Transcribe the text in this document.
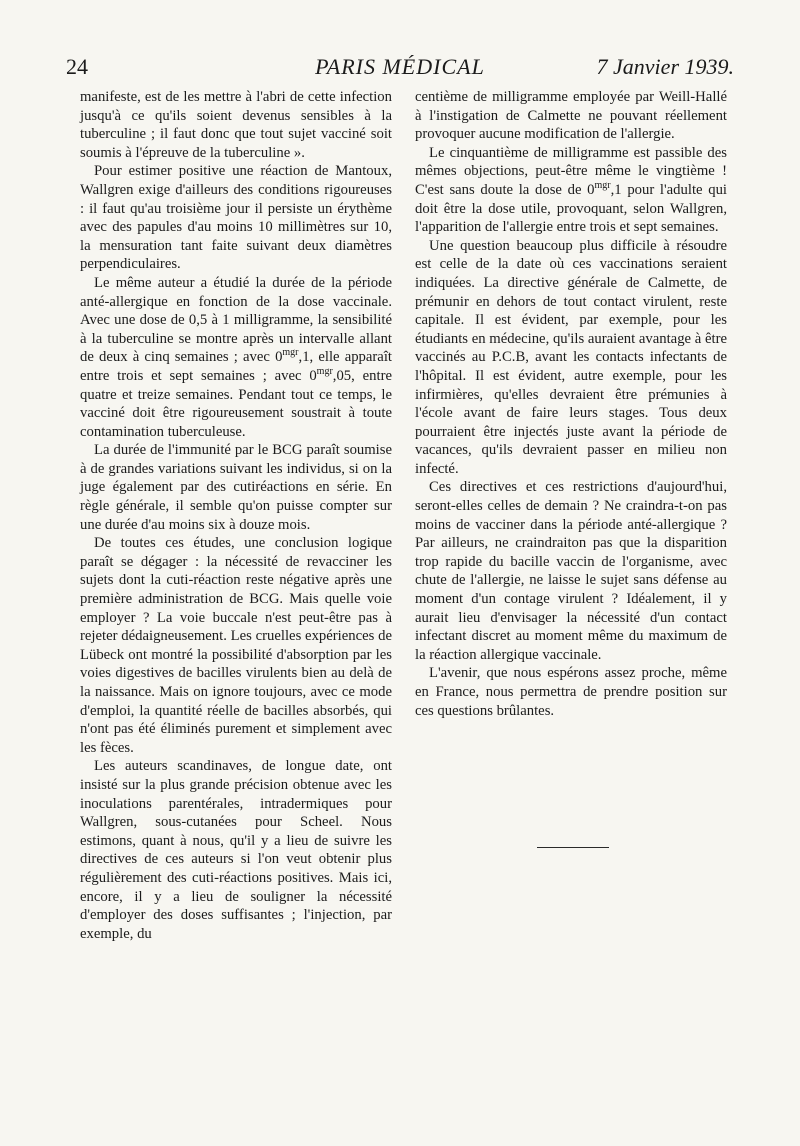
24	PARIS MÉDICAL	7 Janvier 1939.

manifeste, est de les mettre à l'abri de cette infection jusqu'à ce qu'ils soient devenus sensibles à la tuberculine ; il faut donc que tout sujet vacciné soit soumis à l'épreuve de la tuberculine ».

Pour estimer positive une réaction de Mantoux, Wallgren exige d'ailleurs des conditions rigoureuses : il faut qu'au troisième jour il persiste un érythème avec des papules d'au moins 10 millimètres sur 10, la mensuration tant faite suivant deux diamètres perpendiculaires.

Le même auteur a étudié la durée de la période anté-allergique en fonction de la dose vaccinale. Avec une dose de 0,5 à 1 milligramme, la sensibilité à la tuberculine se montre après un intervalle allant de deux à cinq semaines ; avec $0^{mgr},1$, elle apparaît entre trois et sept semaines ; avec $0^{mgr},05$, entre quatre et treize semaines. Pendant tout ce temps, le vacciné doit être rigoureusement soustrait à toute contamination tuberculeuse.

La durée de l'immunité par le BCG paraît soumise à de grandes variations suivant les individus, si on la juge également par des cutiréactions en série. En règle générale, il semble qu'on puisse compter sur une durée d'au moins six à douze mois.

De toutes ces études, une conclusion logique paraît se dégager : la nécessité de revacciner les sujets dont la cuti-réaction reste négative après une première administration de BCG. Mais quelle voie employer ? La voie buccale n'est peut-être pas à rejeter dédaigneusement. Les cruelles expériences de Lübeck ont montré la possibilité d'absorption par les voies digestives de bacilles virulents bien au delà de la naissance. Mais on ignore toujours, avec ce mode d'emploi, la quantité réelle de bacilles absorbés, qui n'ont pas été éliminés purement et simplement avec les fèces.

Les auteurs scandinaves, de longue date, ont insisté sur la plus grande précision obtenue avec les inoculations parentérales, intradermiques pour Wallgren, sous-cutanées pour Scheel. Nous estimons, quant à nous, qu'il y a lieu de suivre les directives de ces auteurs si l'on veut obtenir plus régulièrement des cuti-réactions positives. Mais ici, encore, il y a lieu de souligner la nécessité d'employer des doses suffisantes ; l'injection, par exemple, du

centième de milligramme employée par Weill-Hallé à l'instigation de Calmette ne pouvant réellement provoquer aucune modification de l'allergie.

Le cinquantième de milligramme est passible des mêmes objections, peut-être même le vingtième ! C'est sans doute la dose de $0^{mgr},1$ pour l'adulte qui doit être la dose utile, provoquant, selon Wallgren, l'apparition de l'allergie entre trois et sept semaines.

Une question beaucoup plus difficile à résoudre est celle de la date où ces vaccinations seraient indiquées. La directive générale de Calmette, de prémunir en dehors de tout contact virulent, reste capitale. Il est évident, par exemple, pour les étudiants en médecine, qu'ils auraient avantage à être vaccinés au P.C.B, avant les contacts infectants de l'hôpital. Il est évident, autre exemple, pour les infirmières, qu'elles devraient être prémunies à l'école avant de faire leurs stages. Tous deux pourraient être injectés juste avant la période de vacances, qu'ils devraient passer en milieu non infecté.

Ces directives et ces restrictions d'aujourd'hui, seront-elles celles de demain ? Ne craindra-t-on pas moins de vacciner dans la période anté-allergique ? Par ailleurs, ne craindraiton pas que la disparition trop rapide du bacille vaccin de l'organisme, avec chute de l'allergie, ne laisse le sujet sans défense au moment d'un contage virulent ? Idéalement, il y aurait lieu d'envisager la nécessité d'un contact infectant discret au moment même du maximum de la réaction allergique vaccinale.

L'avenir, que nous espérons assez proche, même en France, nous permettra de prendre position sur ces questions brûlantes.
